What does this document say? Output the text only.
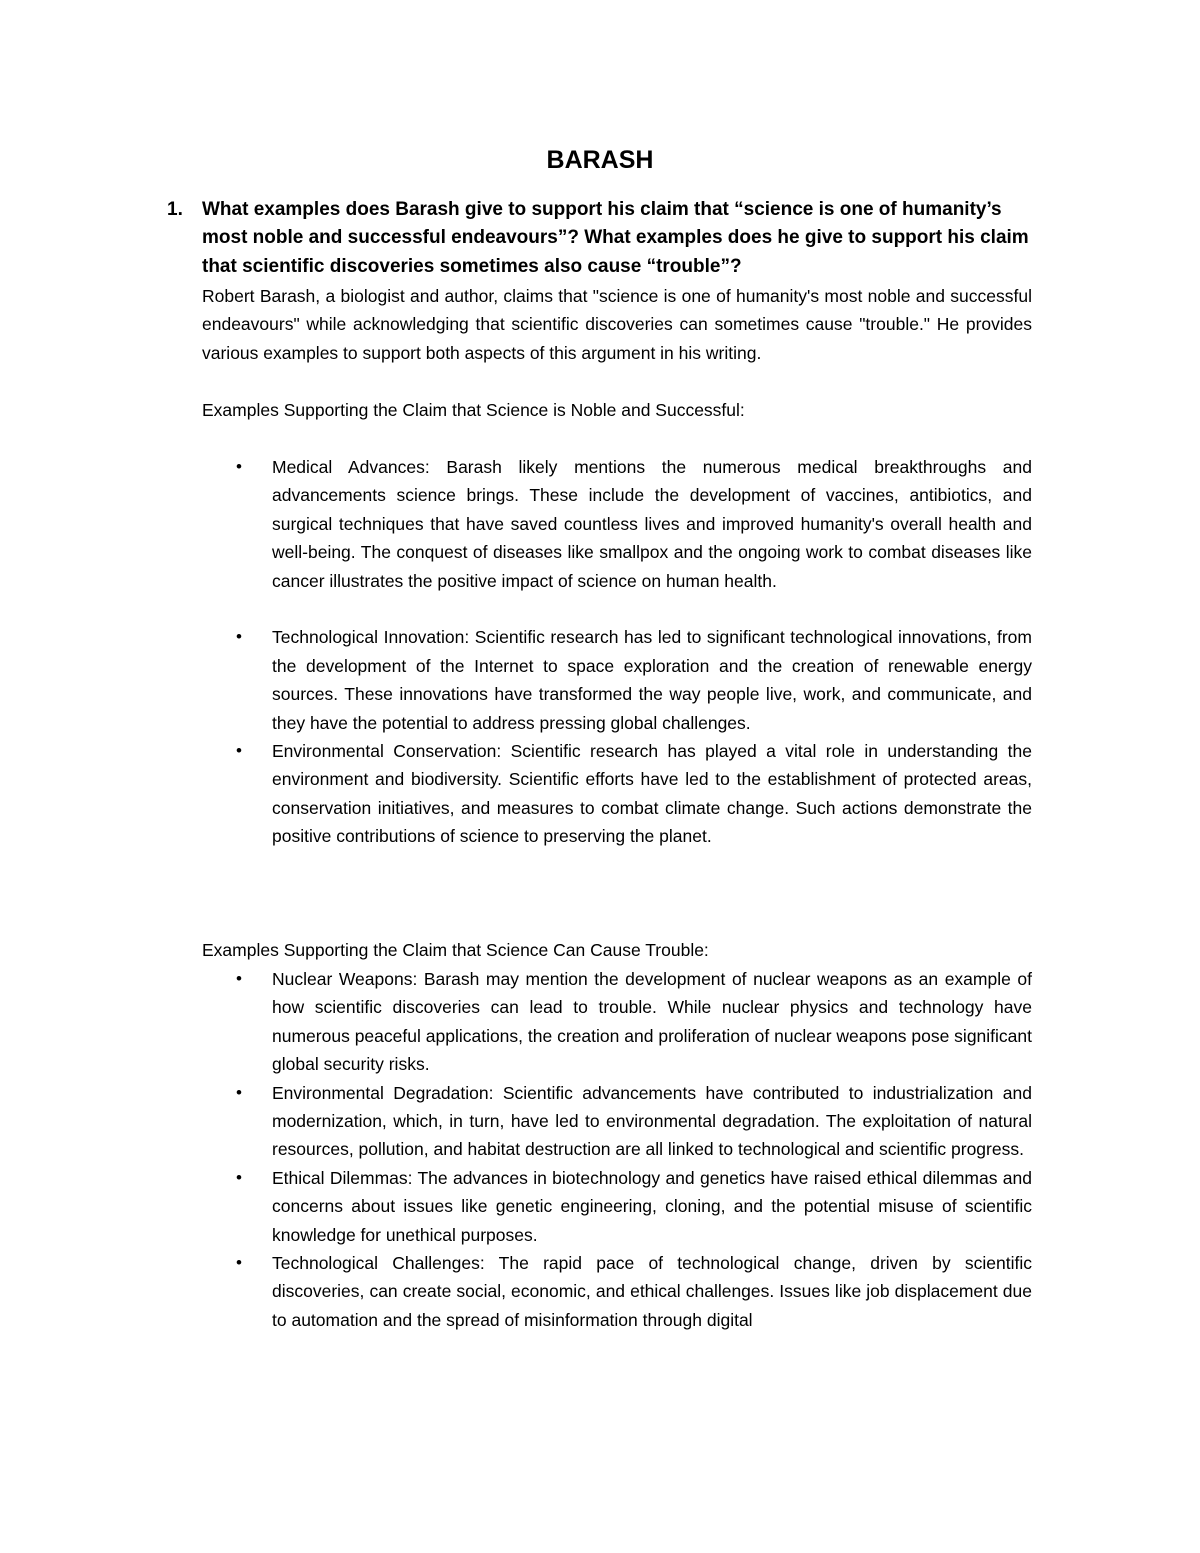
BARASH
1. What examples does Barash give to support his claim that “science is one of humanity’s most noble and successful endeavours”? What examples does he give to support his claim that scientific discoveries sometimes also cause “trouble”?
Robert Barash, a biologist and author, claims that "science is one of humanity's most noble and successful endeavours" while acknowledging that scientific discoveries can sometimes cause "trouble." He provides various examples to support both aspects of this argument in his writing.
Examples Supporting the Claim that Science is Noble and Successful:
• Medical Advances: Barash likely mentions the numerous medical breakthroughs and advancements science brings. These include the development of vaccines, antibiotics, and surgical techniques that have saved countless lives and improved humanity's overall health and well-being. The conquest of diseases like smallpox and the ongoing work to combat diseases like cancer illustrates the positive impact of science on human health.
• Technological Innovation: Scientific research has led to significant technological innovations, from the development of the Internet to space exploration and the creation of renewable energy sources. These innovations have transformed the way people live, work, and communicate, and they have the potential to address pressing global challenges.
• Environmental Conservation: Scientific research has played a vital role in understanding the environment and biodiversity. Scientific efforts have led to the establishment of protected areas, conservation initiatives, and measures to combat climate change. Such actions demonstrate the positive contributions of science to preserving the planet.
Examples Supporting the Claim that Science Can Cause Trouble:
• Nuclear Weapons: Barash may mention the development of nuclear weapons as an example of how scientific discoveries can lead to trouble. While nuclear physics and technology have numerous peaceful applications, the creation and proliferation of nuclear weapons pose significant global security risks.
• Environmental Degradation: Scientific advancements have contributed to industrialization and modernization, which, in turn, have led to environmental degradation. The exploitation of natural resources, pollution, and habitat destruction are all linked to technological and scientific progress.
• Ethical Dilemmas: The advances in biotechnology and genetics have raised ethical dilemmas and concerns about issues like genetic engineering, cloning, and the potential misuse of scientific knowledge for unethical purposes.
• Technological Challenges: The rapid pace of technological change, driven by scientific discoveries, can create social, economic, and ethical challenges. Issues like job displacement due to automation and the spread of misinformation through digital
